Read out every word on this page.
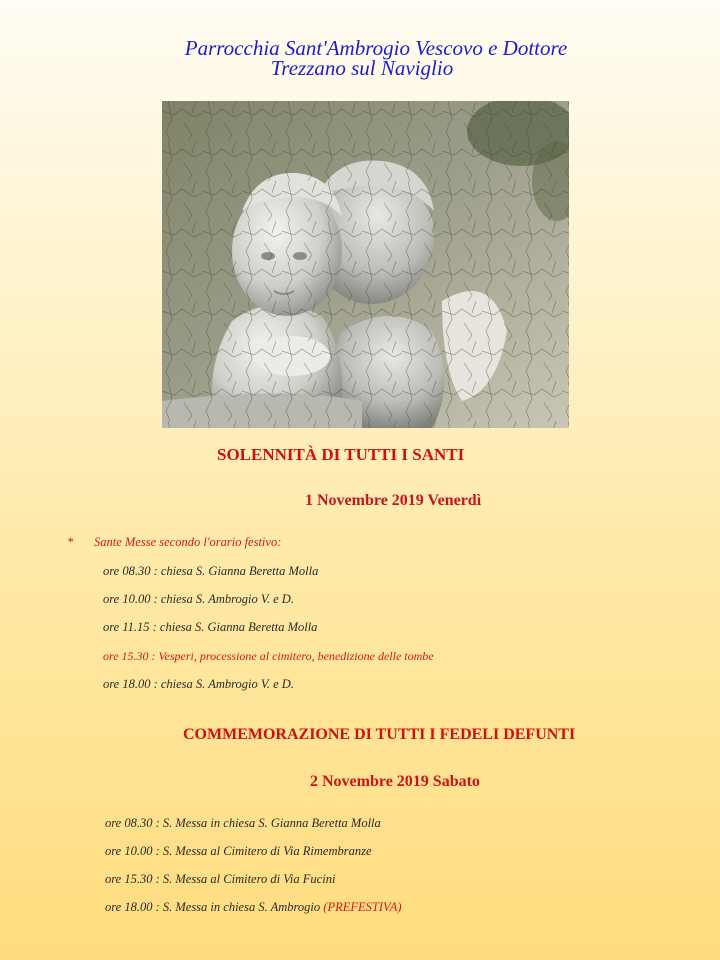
Parrocchia Sant'Ambrogio Vescovo e Dottore
Trezzano sul Naviglio
SOLENNITÀ DI TUTTI I SANTI
1 Novembre 2019 Venerdì
* Sante Messe secondo l'orario festivo:
ore 08.30 : chiesa S. Gianna Beretta Molla
ore 10.00 : chiesa S. Ambrogio V. e D.
ore 11.15 : chiesa S. Gianna Beretta Molla
ore 15.30 : Vesperi, processione al cimitero, benedizione delle tombe
ore 18.00 : chiesa S. Ambrogio V. e D.
COMMEMORAZIONE DI TUTTI I FEDELI DEFUNTI
2 Novembre 2019 Sabato
ore 08.30 : S. Messa in chiesa S. Gianna Beretta Molla
ore 10.00 : S. Messa al Cimitero di Via Rimembranze
ore 15.30 : S. Messa al Cimitero di Via Fucini
ore 18.00 : S. Messa in chiesa S. Ambrogio (PREFESTIVA)
